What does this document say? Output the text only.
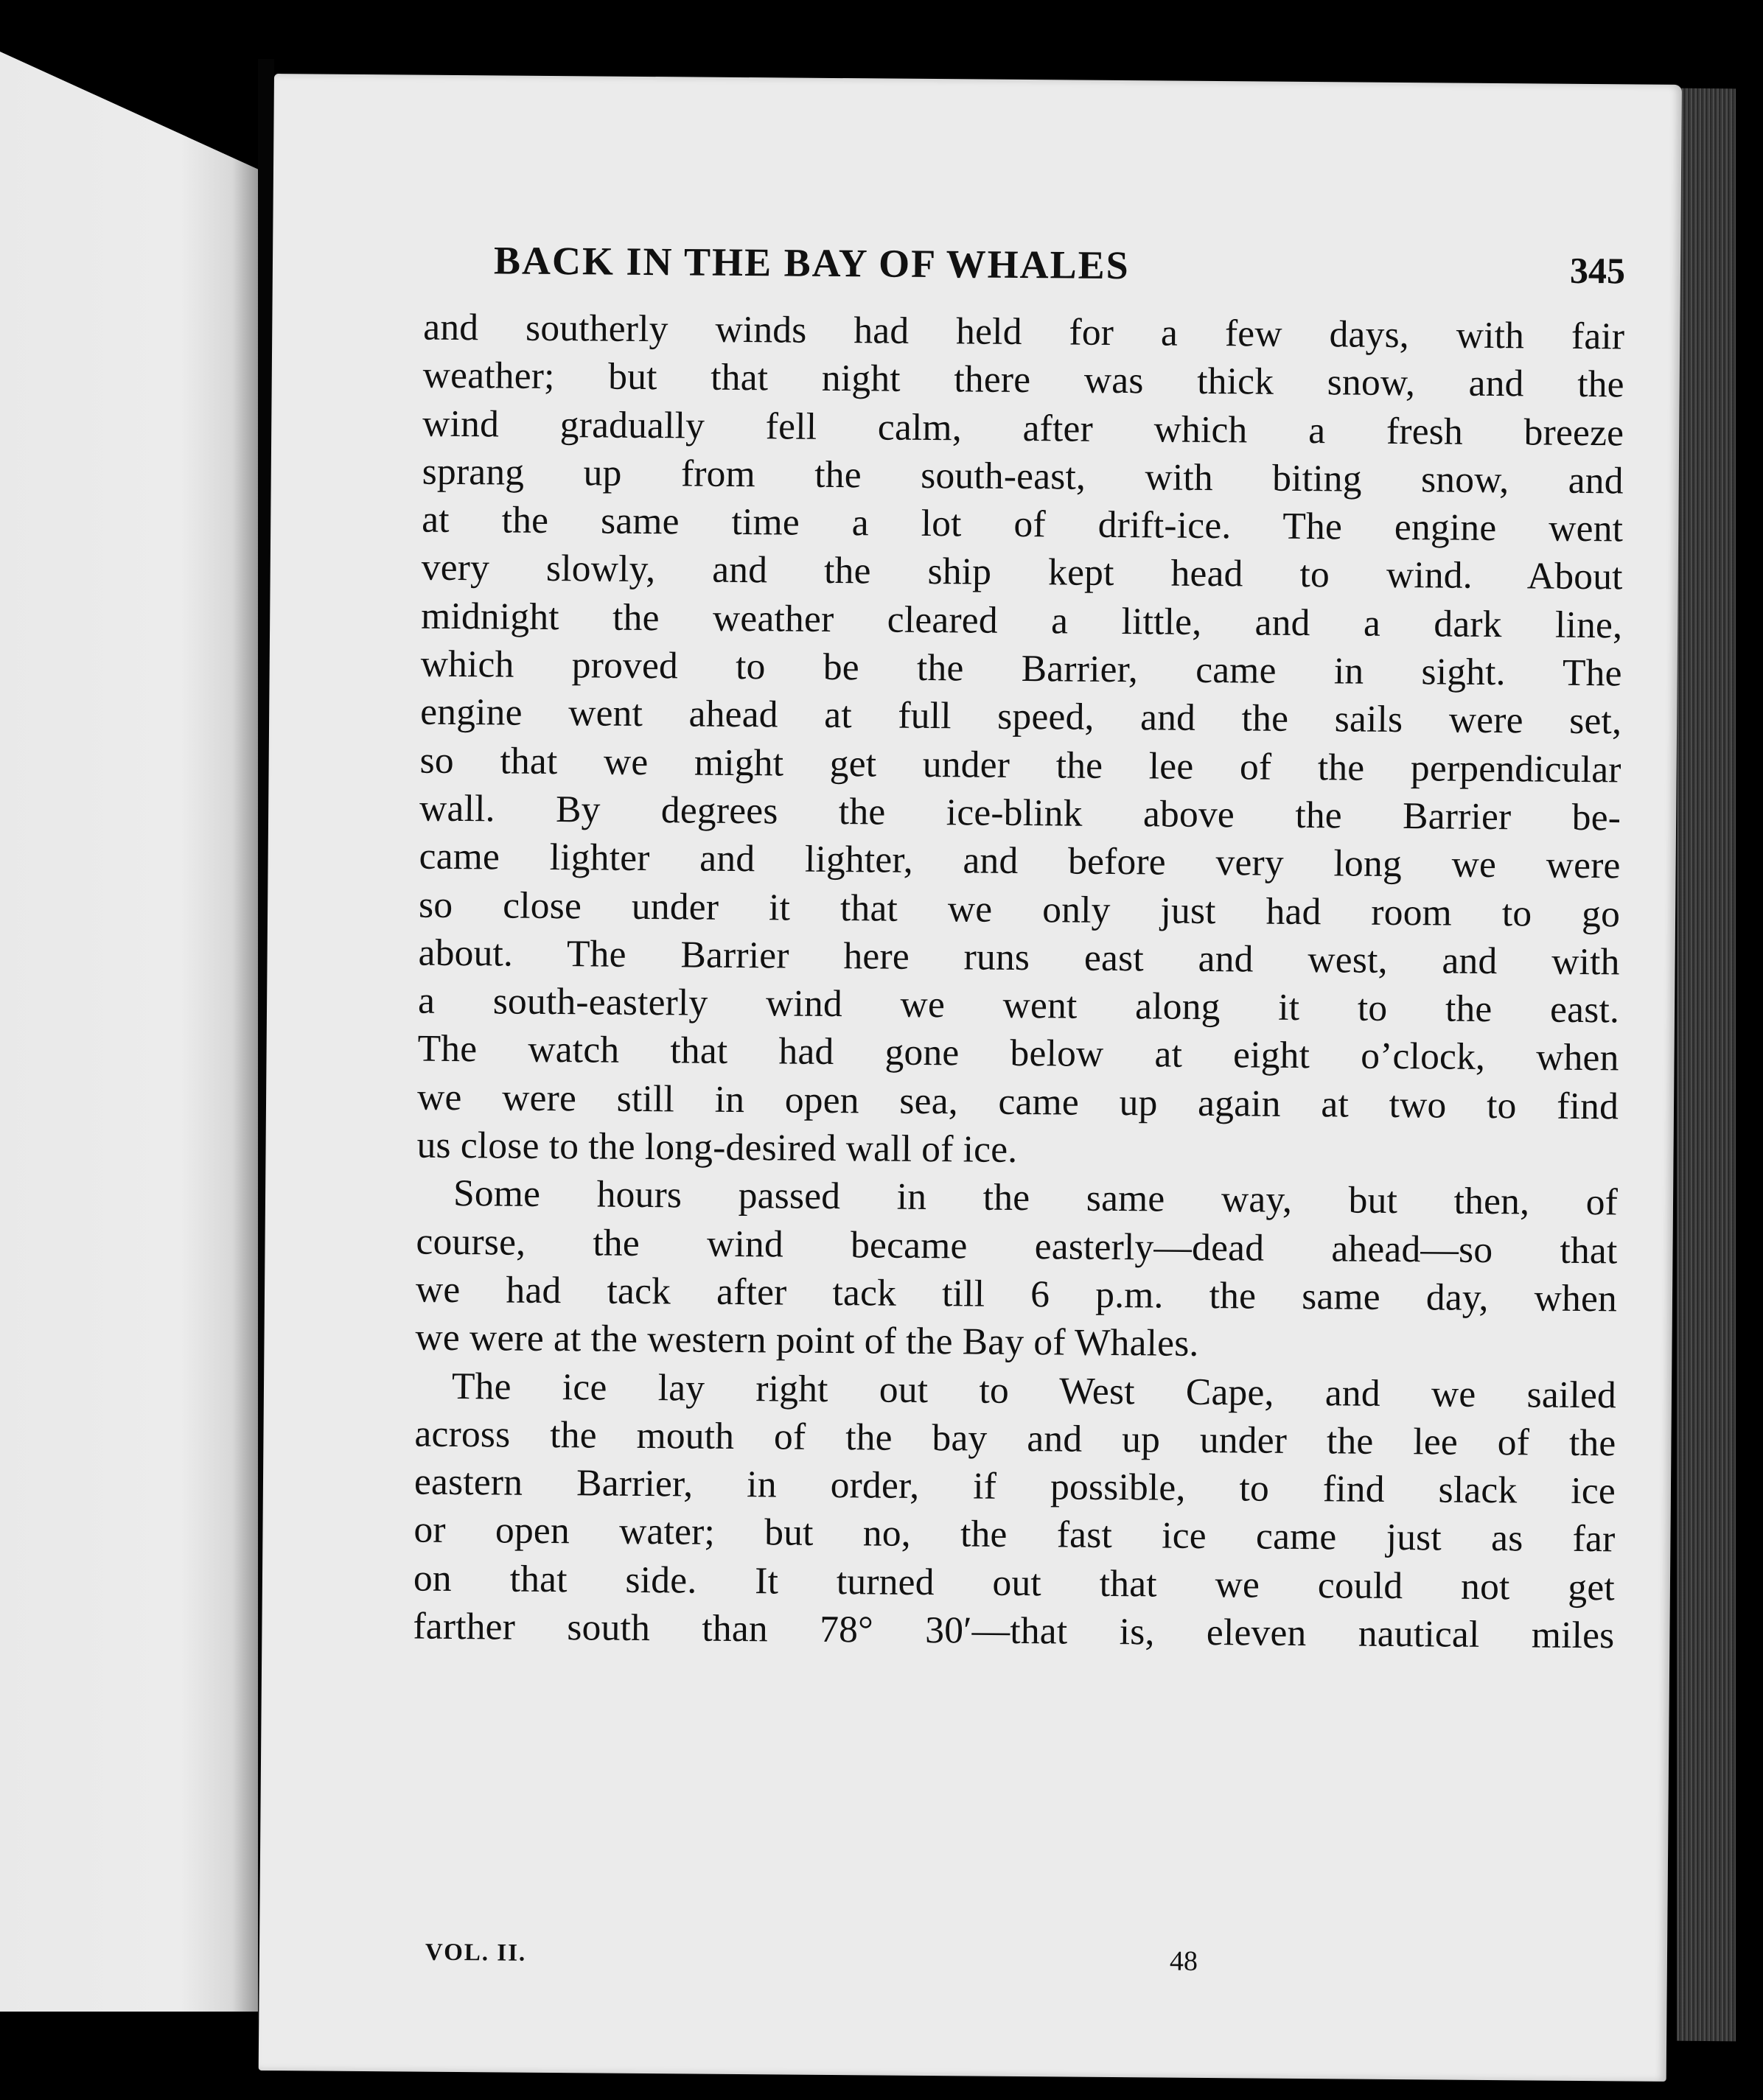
BACK IN THE BAY OF WHALES	345
and southerly winds had held for a few days, with fair
weather; but that night there was thick snow, and the
wind gradually fell calm, after which a fresh breeze
sprang up from the south-east, with biting snow, and
at the same time a lot of drift-ice. The engine went
very slowly, and the ship kept head to wind. About
midnight the weather cleared a little, and a dark line,
which proved to be the Barrier, came in sight. The
engine went ahead at full speed, and the sails were set,
so that we might get under the lee of the perpendicular
wall. By degrees the ice-blink above the Barrier be-
came lighter and lighter, and before very long we were
so close under it that we only just had room to go
about. The Barrier here runs east and west, and with
a south-easterly wind we went along it to the east.
The watch that had gone below at eight o’clock, when
we were still in open sea, came up again at two to find
us close to the long-desired wall of ice.
Some hours passed in the same way, but then, of
course, the wind became easterly—dead ahead—so that
we had tack after tack till 6 p.m. the same day, when
we were at the western point of the Bay of Whales.
The ice lay right out to West Cape, and we sailed
across the mouth of the bay and up under the lee of the
eastern Barrier, in order, if possible, to find slack ice
or open water; but no, the fast ice came just as far
on that side. It turned out that we could not get
farther south than 78° 30′—that is, eleven nautical miles
VOL. II.	48
